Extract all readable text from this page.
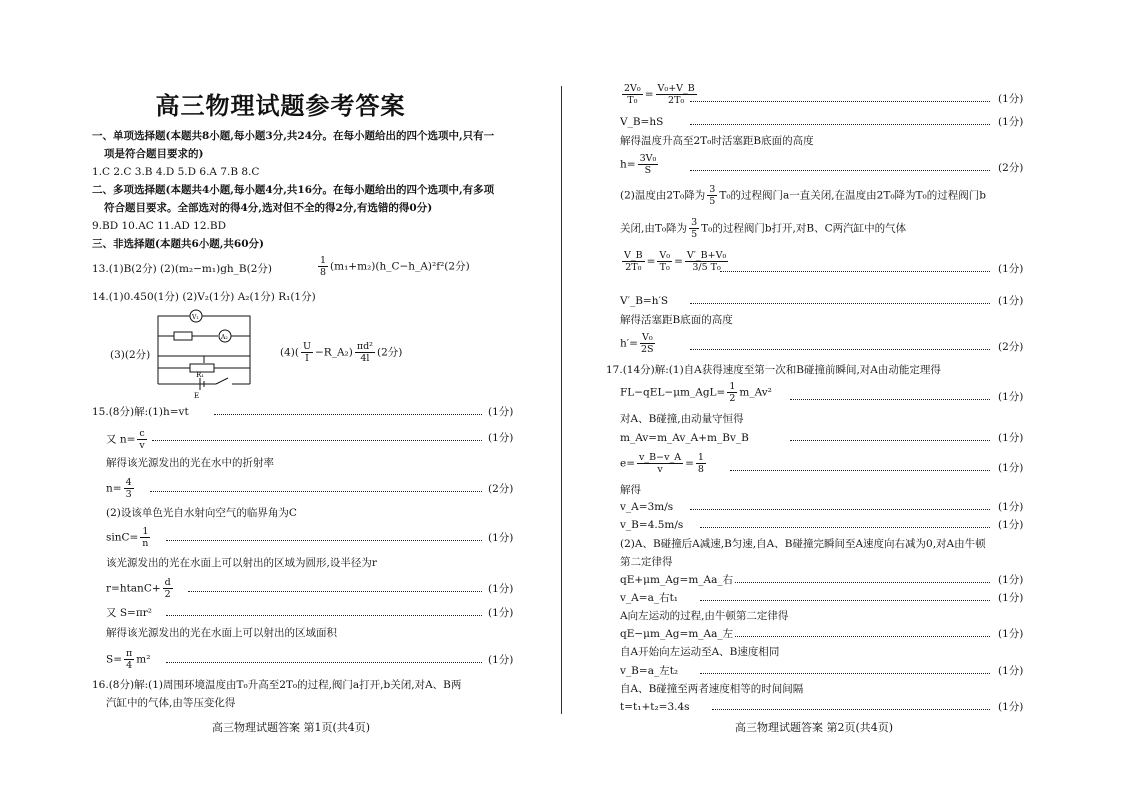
高三物理试题参考答案
一、单项选择题(本题共8小题,每小题3分,共24分。在每小题给出的四个选项中,只有一
项是符合题目要求的)
1.C 2.C 3.B 4.D 5.D 6.A 7.B 8.C
二、多项选择题(本题共4小题,每小题4分,共16分。在每小题给出的四个选项中,有多项
符合题目要求。全部选对的得4分,选对但不全的得2分,有选错的得0分)
9.BD 10.AC 11.AD 12.BD
三、非选择题(本题共6小题,共60分)
13.(1)B(2分) (2)(m₂−m₁)gh_B(2分)	$\frac{1}{8}$ (m₁+m₂)(h_C−h_A)²f²(2分)
14.(1)0.450(1分) (2)V₂(1分) A₂(1分) R₁(1分)
V₁
A₂
R₁
E
(3)(2分)	$(4)( \frac{U}{I}$ −R_A₂) $\frac{\text{πd²}}{4l} (2$分)
15.(8分)解:(1)h=vt	(1分)
又 $n= \frac{c}{v}$	(1分)
解得该光源发出的光在水中的折射率
$n= \frac{4}{3}$	(2分)
(2)设该单色光自水射向空气的临界角为C
$\sin C= \frac{1}{n}$	(1分)
该光源发出的光在水面上可以射出的区域为圆形,设半径为r
$r=htanC+ \frac{d}{2}$	(1分)
又 S=πr²	(1分)
解得该光源发出的光在水面上可以射出的区域面积
$S= \frac{\pi}{4} m^2$	(1分)
16.(8分)解:(1)周围环境温度由T₀升高至2T₀的过程,阀门a打开,b关闭,对A、B两
汽缸中的气体,由等压变化得
高三物理试题答案 第1页(共4页)
$\frac{\text{2V₀}}{\text{T₀}} = \frac{\text{V₀+V\_B}}{\text{2T₀}}$	(1分)
V_B=hS	(1分)
解得温度升高至2T₀时活塞距B底面的高度
$h= \frac{\text{3V₀}}{S}$	(2分)
(2)温度由2T₀降为 $\frac{3}{5} T_0$的过程阀门a一直关闭,在温度由2T₀降为T₀的过程阀门b
关闭,由T₀降为 $\frac{3}{5} T_0$的过程阀门b打开,对B、C两汽缸中的气体
$\frac{V\_B}{\text{2T₀}} = \frac{\text{V₀}}{\text{T₀}} = \frac{\text{V′\_B+V₀}}{\text{3/5 T₀}}$	(1分)
V′_B=h′S	(1分)
解得活塞距B底面的高度
$h'= \frac{\text{V₀}}{2S}$	(2分)
17.(14分)解:(1)自A获得速度至第一次和B碰撞前瞬间,对A由动能定理得
FL−qEL−μm_AgL= $\frac{1}{2}$ m_Av²	(1分)
对A、B碰撞,由动量守恒得
m_Av=m_Av_A+m_Bv_B	(1分)
$e= \frac{v\_B-v\_A}{v} = \frac{1}{8}$	(1分)
解得
v_A=3m/s	(1分)
v_B=4.5m/s	(1分)
(2)A、B碰撞后A减速,B匀速,自A、B碰撞完瞬间至A速度向右减为0,对A由牛顿
第二定律得
qE+μm_Ag=m_Aa_右	(1分)
v_A=a_右t₁	(1分)
A向左运动的过程,由牛顿第二定律得
qE−μm_Ag=m_Aa_左	(1分)
自A开始向左运动至A、B速度相同
v_B=a_左t₂	(1分)
自A、B碰撞至两者速度相等的时间间隔
t=t₁+t₂=3.4s	(1分)
高三物理试题答案 第2页(共4页)
